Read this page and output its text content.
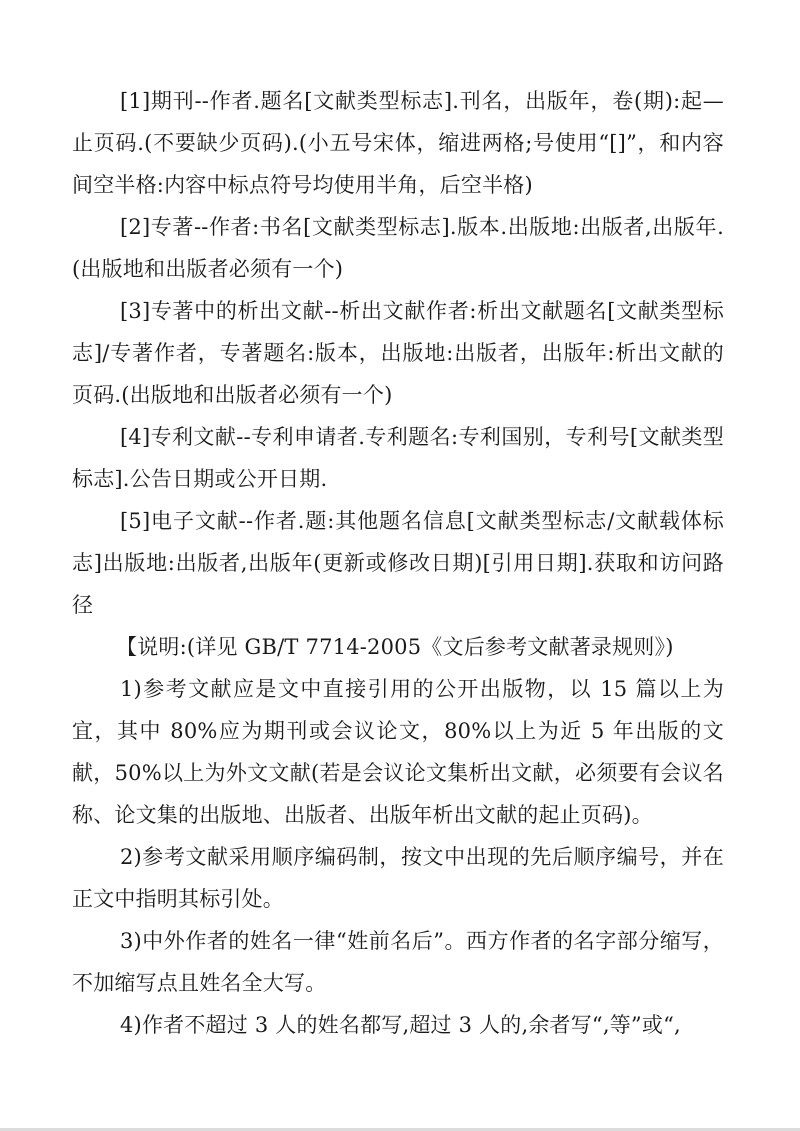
[1]期刊--作者.题名[文献类型标志].刊名，出版年，卷(期):起—止页码.(不要缺少页码).(小五号宋体，缩进两格;号使用“[]”，和内容间空半格:内容中标点符号均使用半角，后空半格)

[2]专著--作者:书名[文献类型标志].版本.出版地:出版者,出版年.(出版地和出版者必须有一个)

[3]专著中的析出文献--析出文献作者:析出文献题名[文献类型标志]/专著作者，专著题名:版本，出版地:出版者，出版年:析出文献的页码.(出版地和出版者必须有一个)

[4]专利文献--专利申请者.专利题名:专利国别，专利号[文献类型标志].公告日期或公开日期.

[5]电子文献--作者.题:其他题名信息[文献类型标志/文献载体标志]出版地:出版者,出版年(更新或修改日期)[引用日期].获取和访问路径

【说明:(详见 GB/T 7714-2005《文后参考文献著录规则》)

1)参考文献应是文中直接引用的公开出版物，以 15 篇以上为宜，其中 80%应为期刊或会议论文，80%以上为近 5 年出版的文献，50%以上为外文文献(若是会议论文集析出文献，必须要有会议名称、论文集的出版地、出版者、出版年析出文献的起止页码)。

2)参考文献采用顺序编码制，按文中出现的先后顺序编号，并在正文中指明其标引处。

3)中外作者的姓名一律“姓前名后”。西方作者的名字部分缩写，不加缩写点且姓名全大写。

4)作者不超过 3 人的姓名都写,超过 3 人的,余者写“,等”或“,
